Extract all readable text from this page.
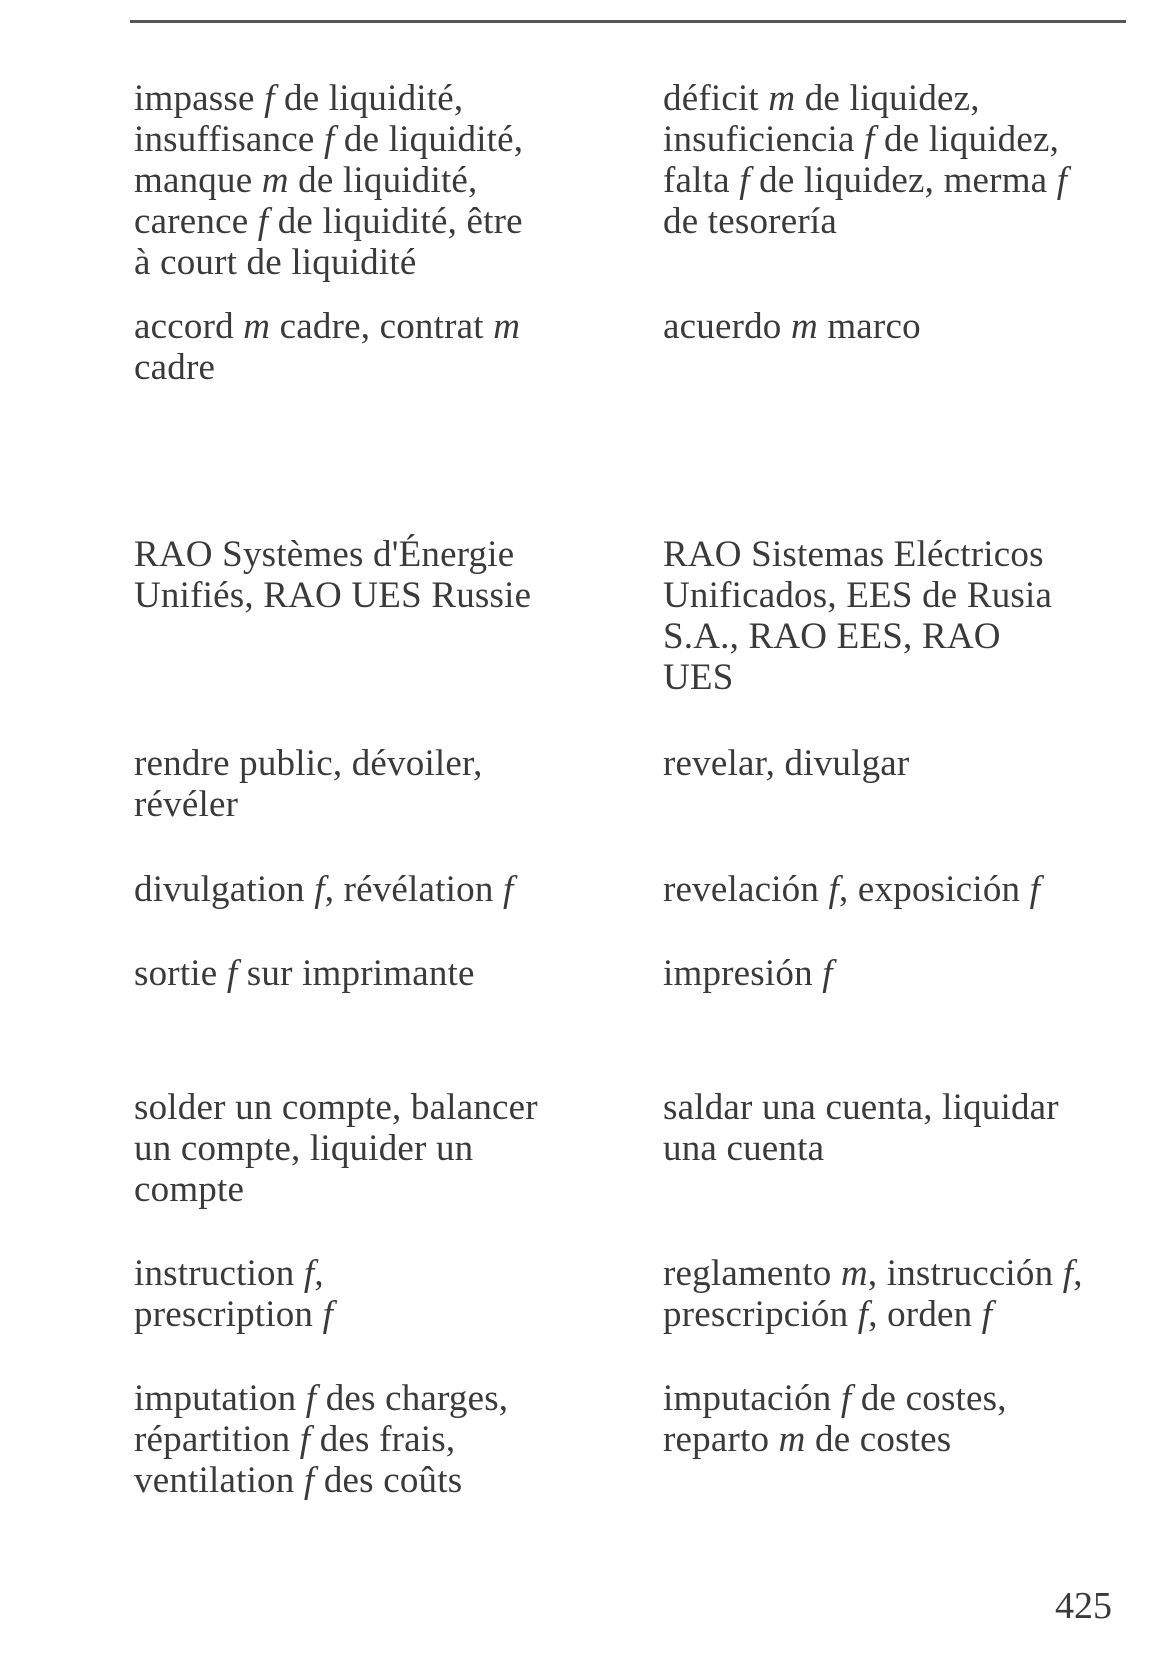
impasse f de liquidité,
insuffisance f de liquidité,
manque m de liquidité,
carence f de liquidité, être
à court de liquidité
déficit m de liquidez,
insuficiencia f de liquidez,
falta f de liquidez, merma f
de tesorería
accord m cadre, contrat m
cadre
acuerdo m marco
RAO Systèmes d'Énergie
Unifiés, RAO UES Russie
RAO Sistemas Eléctricos
Unificados, EES de Rusia
S.A., RAO EES, RAO
UES
rendre public, dévoiler,
révéler
revelar, divulgar
divulgation f, révélation f	revelación f, exposición f
sortie f sur imprimante	impresión f
solder un compte, balancer
un compte, liquider un
compte
saldar una cuenta, liquidar
una cuenta
instruction f,
prescription f
reglamento m, instrucción f,
prescripción f, orden f
imputation f des charges,
répartition f des frais,
ventilation f des coûts
imputación f de costes,
reparto m de costes
425
